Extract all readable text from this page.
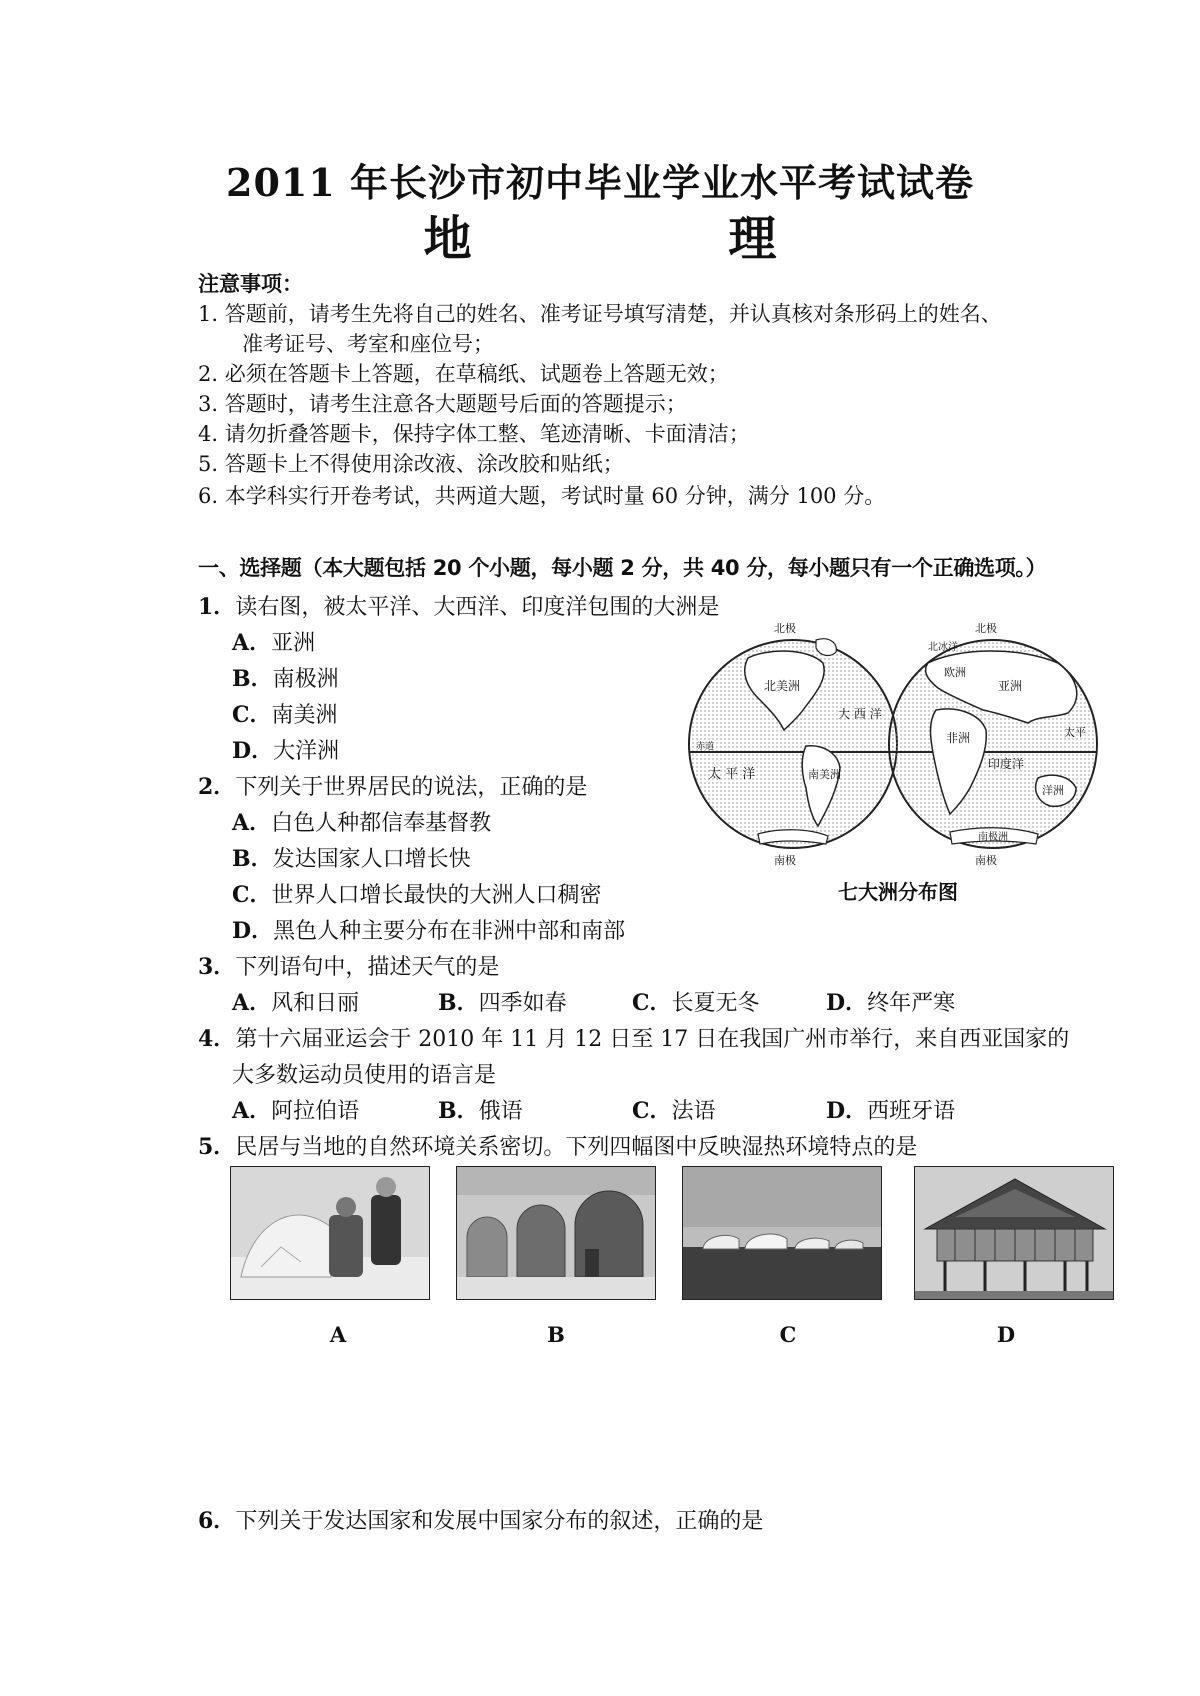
2011 年长沙市初中毕业学业水平考试试卷
地 理
注意事项：
1. 答题前，请考生先将自己的姓名、准考证号填写清楚，并认真核对条形码上的姓名、
准考证号、考室和座位号；
2. 必须在答题卡上答题，在草稿纸、试题卷上答题无效；
3. 答题时，请考生注意各大题题号后面的答题提示；
4. 请勿折叠答题卡，保持字体工整、笔迹清晰、卡面清洁；
5. 答题卡上不得使用涂改液、涂改胶和贴纸；
6. 本学科实行开卷考试，共两道大题，考试时量 60 分钟，满分 100 分。
一、选择题（本大题包括 20 个小题，每小题 2 分，共 40 分，每小题只有一个正确选项。）
1．读右图，被太平洋、大西洋、印度洋包围的大洲是
A．亚洲
B．南极洲
C．南美洲
D．大洋洲
北极	北极
南极	南极
赤道
北美洲
南美洲
太 平 洋
大 西 洋
非洲
亚洲
欧洲
印度洋
洋洲
南极洲
北冰洋
太平
七大洲分布图
2．下列关于世界居民的说法，正确的是
A．白色人种都信奉基督教
B．发达国家人口增长快
C．世界人口增长最快的大洲人口稠密
D．黑色人种主要分布在非洲中部和南部
3．下列语句中，描述天气的是
A．风和日丽	B．四季如春	C．长夏无冬	D．终年严寒
4．第十六届亚运会于 2010 年 11 月 12 日至 17 日在我国广州市举行，来自西亚国家的
大多数运动员使用的语言是
A．阿拉伯语	B．俄语	C．法语	D．西班牙语
5．民居与当地的自然环境关系密切。下列四幅图中反映湿热环境特点的是
A	B	C	D
6．下列关于发达国家和发展中国家分布的叙述，正确的是
